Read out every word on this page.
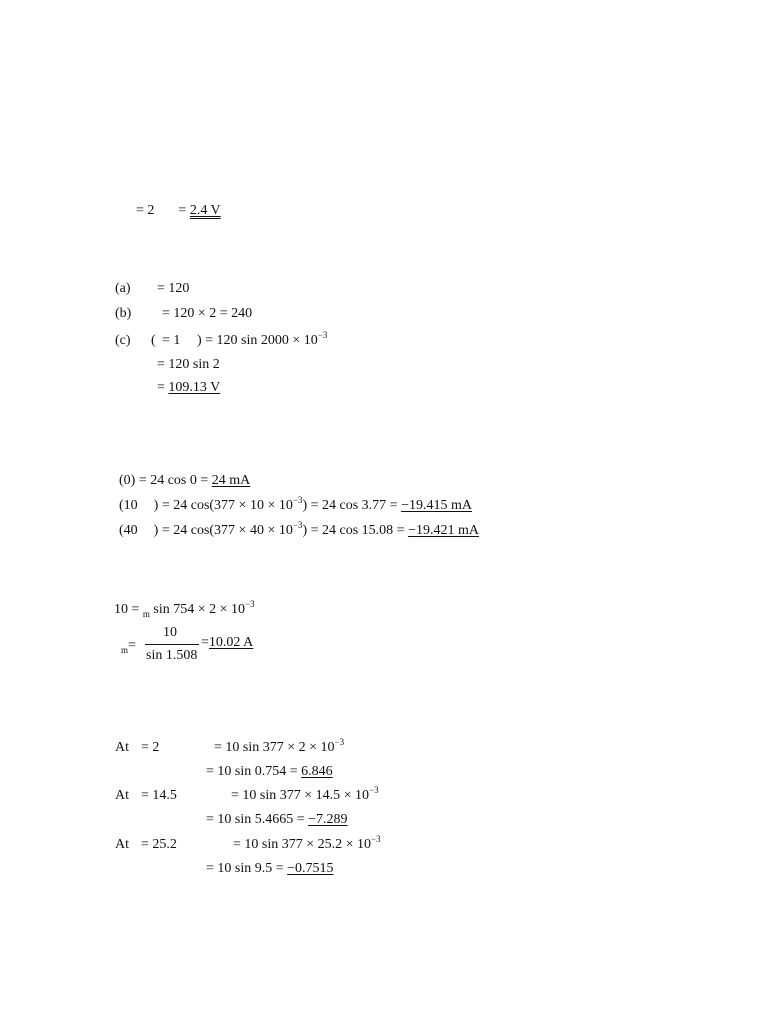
= 2 = 2.4 V
(a) = 120
(b) = 120 × 2 = 240
(c) ( = 1 ) = 120 $\sin 2000 \times 10^{-3}$
= 120 sin 2
= 109.13 V
(0) = 24 cos 0 = 24 mA
(10 ) = 24 $\cos(377 \times 10 \times 10^{-3}) = 24$ cos 3.77 = −19.415 mA
(40 ) = 24 $\cos(377 \times 40 \times 10^{-3}) = 24$ cos 15.08 = −19.421 mA
10 = $_m$ $\sin 754 \times 2 \times 10^{-3}$
$_m$=
10
sin 1.508
=10.02 A
At = 2	= 10 $\sin 377 \times 2 \times 10^{-3}$
= 10 sin 0.754 = 6.846
At = 14.5	= 10 $\sin 377 \times 14.5 \times 10^{-3}$
= 10 sin 5.4665 = −7.289
At = 25.2	= 10 $\sin 377 \times 25.2 \times 10^{-3}$
= 10 sin 9.5 = −0.7515
